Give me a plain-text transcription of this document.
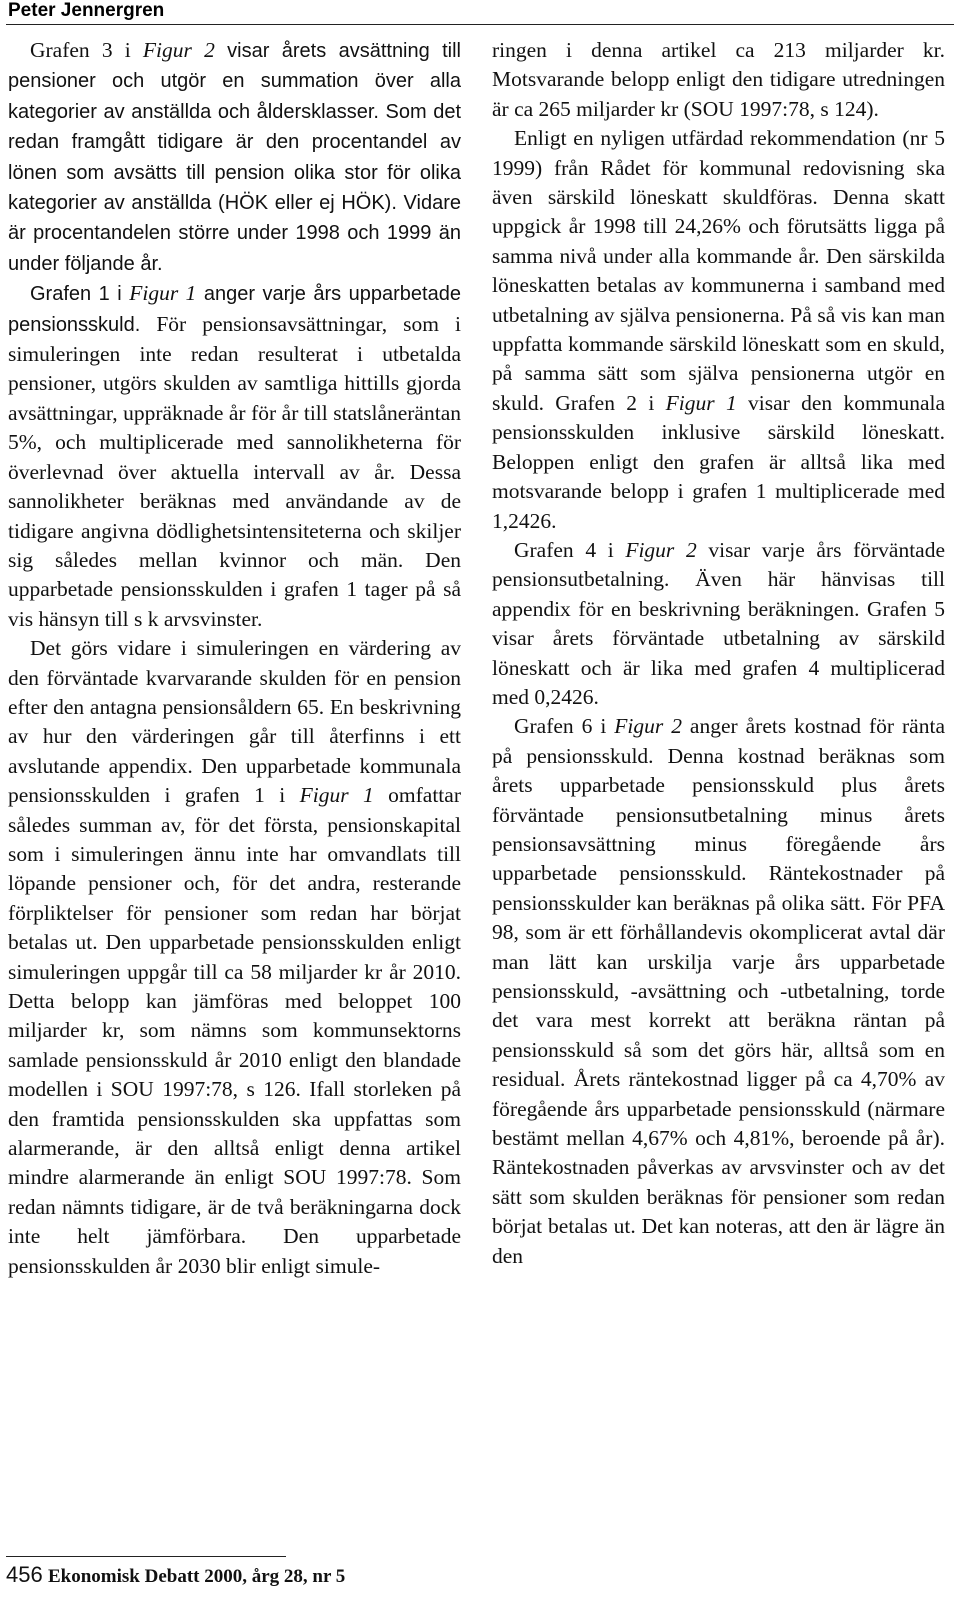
Peter Jennergren

Grafen 3 i Figur 2 visar årets avsättning till pensioner och utgör en summation över alla kategorier av anställda och åldersklasser. Som det redan framgått tidigare är den procentandel av lönen som avsätts till pension olika stor för olika kategorier av anställda (HÖK eller ej HÖK). Vidare är procentandelen större under 1998 och 1999 än under följande år.

Grafen 1 i Figur 1 anger varje års upparbetade pensionsskuld. För pensionsavsättningar, som i simuleringen inte redan resulterat i utbetalda pensioner, utgörs skulden av samtliga hittills gjorda avsättningar, uppräknade år för år till statslåneräntan 5%, och multiplicerade med sannolikheterna för överlevnad över aktuella intervall av år. Dessa sannolikheter beräknas med användande av de tidigare angivna dödlighetsintensiteterna och skiljer sig således mellan kvinnor och män. Den upparbetade pensionsskulden i grafen 1 tager på så vis hänsyn till s k arvsvinster.

Det görs vidare i simuleringen en värdering av den förväntade kvarvarande skulden för en pension efter den antagna pensionsåldern 65. En beskrivning av hur den värderingen går till återfinns i ett avslutande appendix. Den upparbetade kommunala pensionsskulden i grafen 1 i Figur 1 omfattar således summan av, för det första, pensionskapital som i simuleringen ännu inte har omvandlats till löpande pensioner och, för det andra, resterande förpliktelser för pensioner som redan har börjat betalas ut. Den upparbetade pensionsskulden enligt simuleringen uppgår till ca 58 miljarder kr år 2010. Detta belopp kan jämföras med beloppet 100 miljarder kr, som nämns som kommunsektorns samlade pensionsskuld år 2010 enligt den blandade modellen i SOU 1997:78, s 126. Ifall storleken på den framtida pensionsskulden ska uppfattas som alarmerande, är den alltså enligt denna artikel mindre alarmerande än enligt SOU 1997:78. Som redan nämnts tidigare, är de två beräkningarna dock inte helt jämförbara. Den upparbetade pensionsskulden år 2030 blir enligt simule-

ringen i denna artikel ca 213 miljarder kr. Motsvarande belopp enligt den tidigare utredningen är ca 265 miljarder kr (SOU 1997:78, s 124).

Enligt en nyligen utfärdad rekommendation (nr 5 1999) från Rådet för kommunal redovisning ska även särskild löneskatt skuldföras. Denna skatt uppgick år 1998 till 24,26% och förutsätts ligga på samma nivå under alla kommande år. Den särskilda löneskatten betalas av kommunerna i samband med utbetalning av själva pensionerna. På så vis kan man uppfatta kommande särskild löneskatt som en skuld, på samma sätt som själva pensionerna utgör en skuld. Grafen 2 i Figur 1 visar den kommunala pensionsskulden inklusive särskild löneskatt. Beloppen enligt den grafen är alltså lika med motsvarande belopp i grafen 1 multiplicerade med 1,2426.

Grafen 4 i Figur 2 visar varje års förväntade pensionsutbetalning. Även här hänvisas till appendix för en beskrivning beräkningen. Grafen 5 visar årets förväntade utbetalning av särskild löneskatt och är lika med grafen 4 multiplicerad med 0,2426.

Grafen 6 i Figur 2 anger årets kostnad för ränta på pensionsskuld. Denna kostnad beräknas som årets upparbetade pensionsskuld plus årets förväntade pensionsutbetalning minus årets pensionsavsättning minus föregående års upparbetade pensionsskuld. Räntekostnader på pensionsskulder kan beräknas på olika sätt. För PFA 98, som är ett förhållandevis okomplicerat avtal där man lätt kan urskilja varje års upparbetade pensionsskuld, -avsättning och -utbetalning, torde det vara mest korrekt att beräkna räntan på pensionsskuld så som det görs här, alltså som en residual. Årets räntekostnad ligger på ca 4,70% av föregående års upparbetade pensionsskuld (närmare bestämt mellan 4,67% och 4,81%, beroende på år). Räntekostnaden påverkas av arvsvinster och av det sätt som skulden beräknas för pensioner som redan börjat betalas ut. Det kan noteras, att den är lägre än den

456 Ekonomisk Debatt 2000, årg 28, nr 5
